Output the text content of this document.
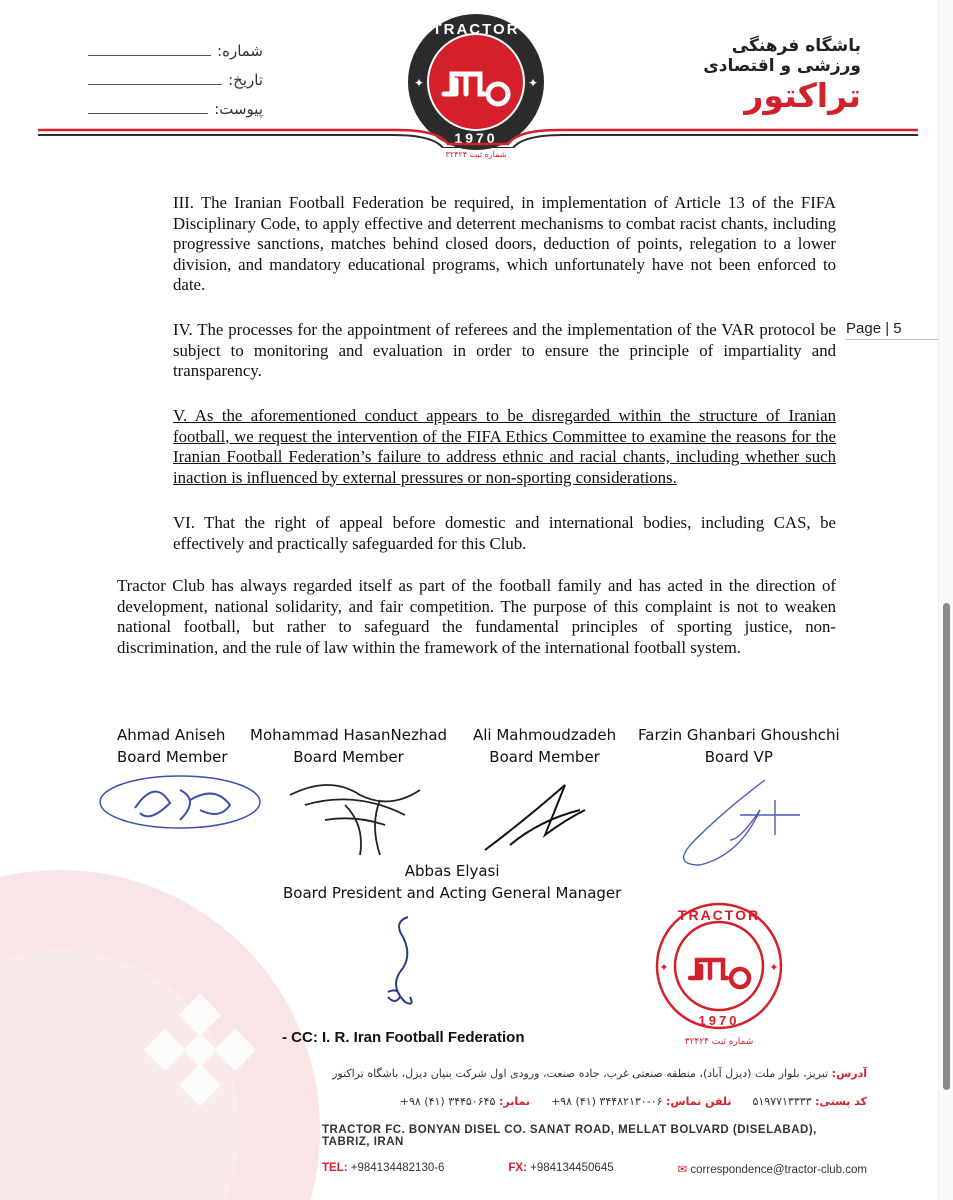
شماره:
تاریخ:
پیوست:
TRACTOR
1970
✦	✦
شماره ثبت ۳۲۴۲۴
باشگاه فرهنگی
ورزشی و اقتصادی
تراکتور
III. The Iranian Football Federation be required, in implementation of Article 13 of the FIFA Disciplinary Code, to apply effective and deterrent mechanisms to combat racist chants, including progressive sanctions, matches behind closed doors, deduction of points, relegation to a lower division, and mandatory educational programs, which unfortunately have not been enforced to date.
IV. The processes for the appointment of referees and the implementation of the VAR protocol be subject to monitoring and evaluation in order to ensure the principle of impartiality and transparency.
Page | 5
V. As the aforementioned conduct appears to be disregarded within the structure of Iranian football, we request the intervention of the FIFA Ethics Committee to examine the reasons for the Iranian Football Federation’s failure to address ethnic and racial chants, including whether such inaction is influenced by external pressures or non-sporting considerations.
VI. That the right of appeal before domestic and international bodies, including CAS, be effectively and practically safeguarded for this Club.
Tractor Club has always regarded itself as part of the football family and has acted in the direction of development, national solidarity, and fair competition. The purpose of this complaint is not to weaken national football, but rather to safeguard the fundamental principles of sporting justice, non-discrimination, and the rule of law within the framework of the international football system.
Ahmad Aniseh
Board Member
Mohammad HasanNezhad
Board Member
Ali Mahmoudzadeh
Board Member
Farzin Ghanbari Ghoushchi
Board VP
Abbas Elyasi
Board President and Acting General Manager
TRACTOR
1970
✦	✦
شماره ثبت ۳۲۴۲۴
- CC: I. R. Iran Football Federation
آدرس: تبریز، بلوار ملت (دیزل آباد)، منطقه صنعتی غرب، جاده صنعت، ورودی اول شرکت بنیان دیزل، باشگاه تراکتور
کد پستی: ۵۱۹۷۷۱۳۳۳۳      تلفن تماس: ۰۶-۳۴۴۸۲۱۳۰ (۴۱) ۹۸+      نمابر: ۳۴۴۵۰۶۴۵ (۴۱) ۹۸+
TRACTOR FC. BONYAN DISEL CO. SANAT ROAD, MELLAT BOLVARD (DISELABAD), TABRIZ, IRAN
TEL: +984134482130-6	FX: +984134450645	✉ correspondence@tractor-club.com
